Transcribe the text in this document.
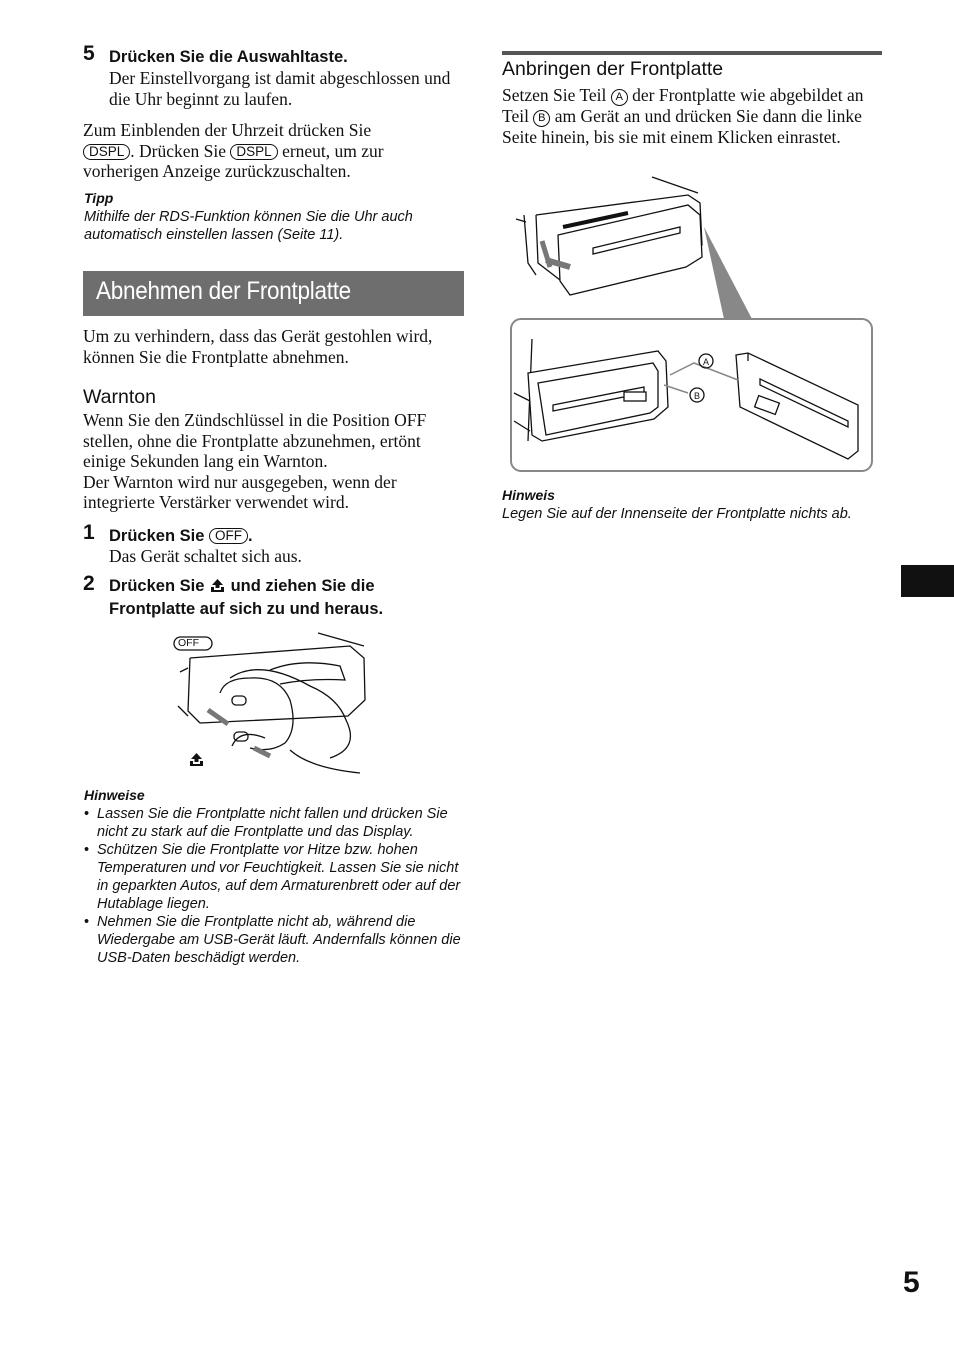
5 Drücken Sie die Auswahltaste.
Der Einstellvorgang ist damit abgeschlossen und die Uhr beginnt zu laufen.
Zum Einblenden der Uhrzeit drücken Sie
DSPL . Drücken Sie DSPL erneut, um zur vorherigen Anzeige zurückzuschalten.
Tipp
Mithilfe der RDS-Funktion können Sie die Uhr auch automatisch einstellen lassen (Seite 11).
Abnehmen der Frontplatte
Um zu verhindern, dass das Gerät gestohlen wird, können Sie die Frontplatte abnehmen.
Warnton

Wenn Sie den Zündschlüssel in die Position OFF stellen, ohne die Frontplatte abzunehmen, ertönt einige Sekunden lang ein Warnton.

Der Warnton wird nur ausgegeben, wenn der integrierte Verstärker verwendet wird.

1 Drücken Sie OFF .
Das Gerät schaltet sich aus.
2 Drücken Sie und ziehen Sie die
Frontplatte auf sich zu und heraus.
OFF
Hinweise
• Lassen Sie die Frontplatte nicht fallen und drücken Sie nicht zu stark auf die Frontplatte und das Display.
• Schützen Sie die Frontplatte vor Hitze bzw. hohen Temperaturen und vor Feuchtigkeit. Lassen Sie sie nicht in geparkten Autos, auf dem Armaturenbrett oder auf der Hutablage liegen.
• Nehmen Sie die Frontplatte nicht ab, während die Wiedergabe am USB-Gerät läuft. Andernfalls können die USB-Daten beschädigt werden.
Anbringen der Frontplatte
Setzen Sie Teil A der Frontplatte wie abgebildet an Teil B am Gerät an und drücken Sie dann die linke Seite hinein, bis sie mit einem Klicken einrastet.
A
B
Hinweis
Legen Sie auf der Innenseite der Frontplatte nichts ab.
5
